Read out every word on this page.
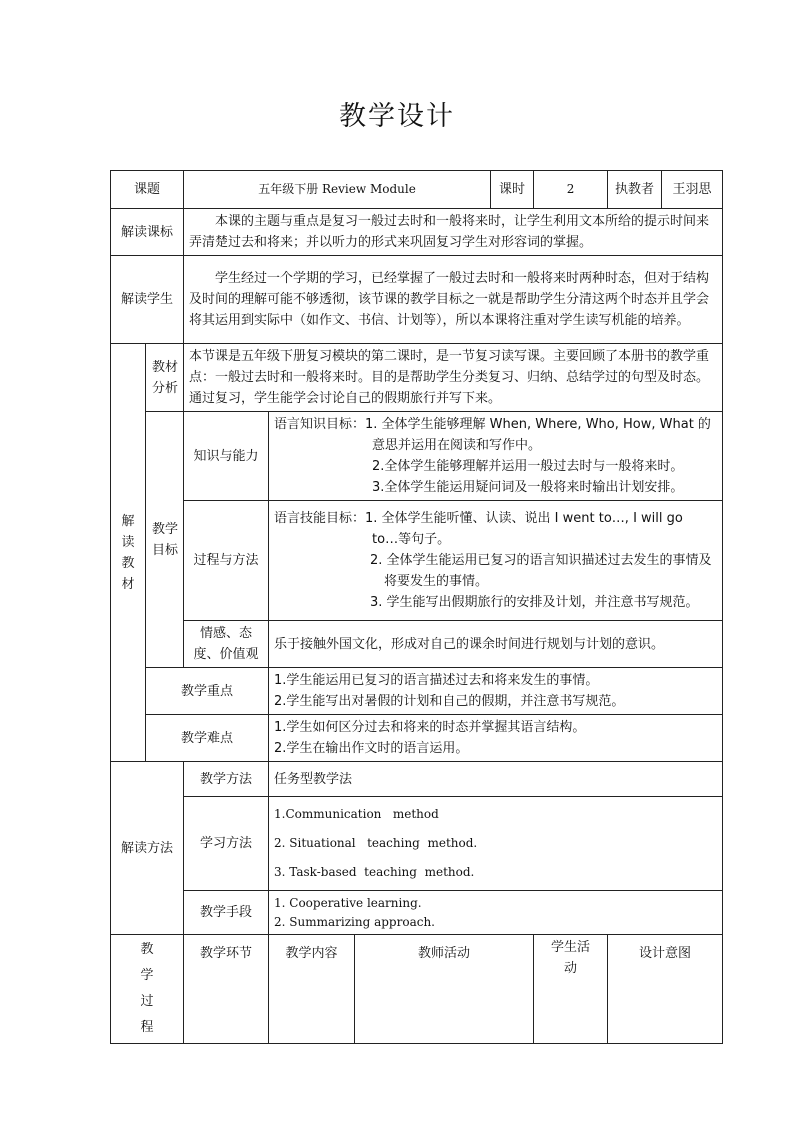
教学设计
课题		五年级下册 Review Module			课时	2	执教者	王羽思
解读课标		本课的主题与重点是复习一般过去时和一般将来时，让学生利用文本所给的提示时间来弄清楚过去和将来；并以听力的形式来巩固复习学生对形容词的掌握。						
解读学生		学生经过一个学期的学习，已经掌握了一般过去时和一般将来时两种时态，但对于结构及时间的理解可能不够透彻，该节课的教学目标之一就是帮助学生分清这两个时态并且学会将其运用到实际中（如作文、书信、计划等），所以本课将注重对学生读写机能的培养。						
解读教材	教材分析	本节课是五年级下册复习模块的第二课时，是一节复习读写课。主要回顾了本册书的教学重点：一般过去时和一般将来时。目的是帮助学生分类复习、归纳、总结学过的句型及时态。通过复习，学生能学会讨论自己的假期旅行并写下来。						
	教学目标	知识与能力	语言知识目标：1. 全体学生能够理解 When, Where, Who, How, What 的
意思并运用在阅读和写作中。
2.全体学生能够理解并运用一般过去时与一般将来时。
3.全体学生能运用疑问词及一般将来时输出计划安排。					

		过程与方法	语言技能目标：1. 全体学生能听懂、认读、说出 I went to…, I will go
to…等句子。
2. 全体学生能运用已复习的语言知识描述过去发生的事情及将要发生的事情。
3. 学生能写出假期旅行的安排及计划，并注意书写规范。					

		情感、态度、价值观	乐于接触外国文化，形成对自己的课余时间进行规划与计划的意识。					
	教学重点		1.学生能运用已复习的语言描述过去和将来发生的事情。
2.学生能写出对暑假的计划和自己的假期，并注意书写规范。					

	教学难点		1.学生如何区分过去和将来的时态并掌握其语言结构。
2.学生在输出作文时的语言运用。					

解读方法		教学方法	任务型教学法					
		学习方法	1.Communication   method
2. Situational   teaching  method.
3. Task-based  teaching  method.					

		教学手段	1. Cooperative learning.
2. Summarizing approach.					

教学过程		教学环节	教学内容	教师活动		学生活动	设计意图	
